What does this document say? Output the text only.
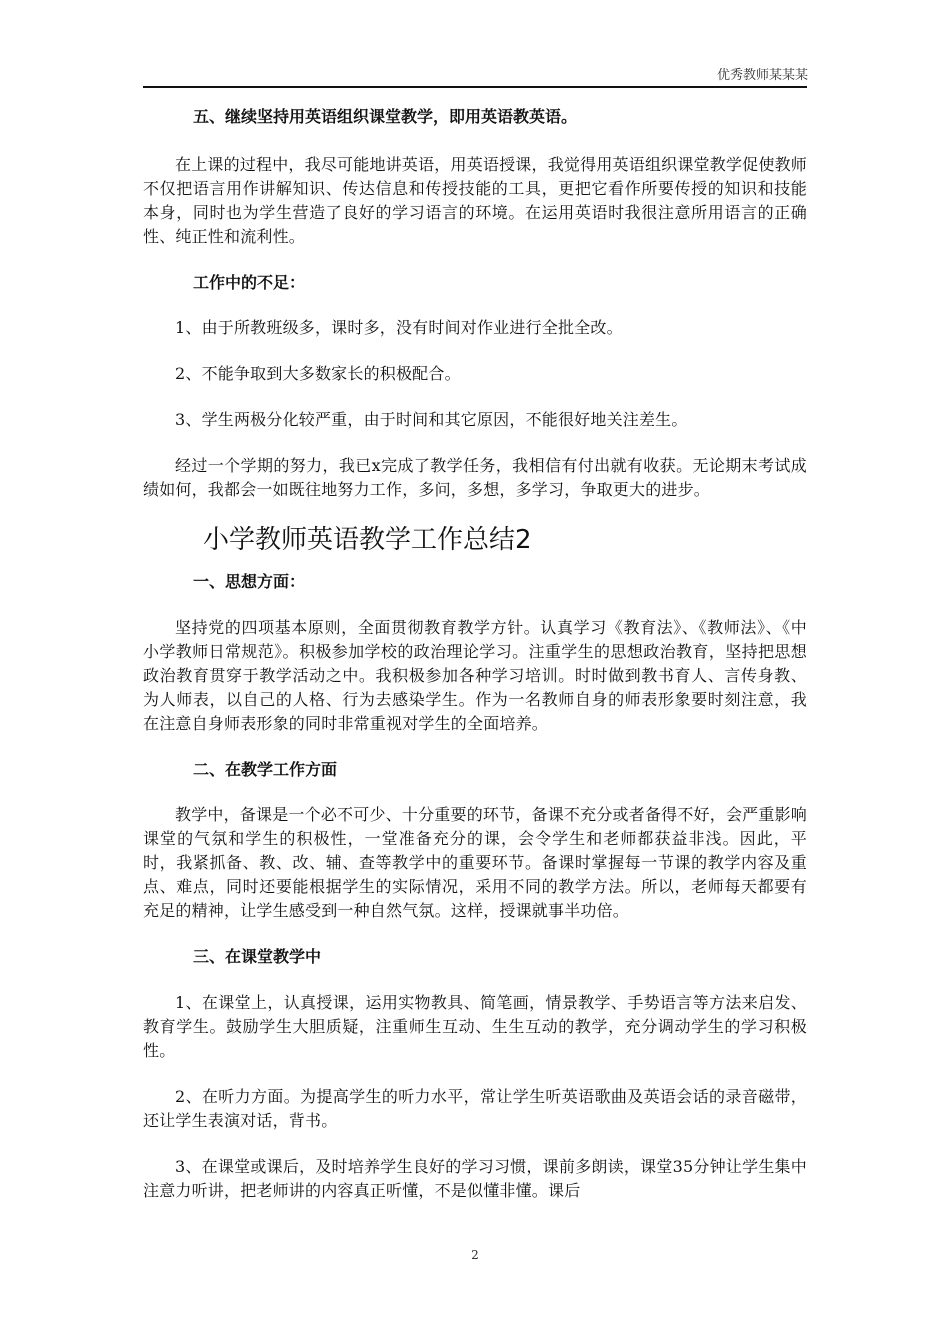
优秀教师某某某
五、继续坚持用英语组织课堂教学，即用英语教英语。
在上课的过程中，我尽可能地讲英语，用英语授课，我觉得用英语组织课堂教学促使教师不仅把语言用作讲解知识、传达信息和传授技能的工具，更把它看作所要传授的知识和技能本身，同时也为学生营造了良好的学习语言的环境。在运用英语时我很注意所用语言的正确性、纯正性和流利性。
工作中的不足：
1、由于所教班级多，课时多，没有时间对作业进行全批全改。
2、不能争取到大多数家长的积极配合。
3、学生两极分化较严重，由于时间和其它原因，不能很好地关注差生。
经过一个学期的努力，我已x完成了教学任务，我相信有付出就有收获。无论期末考试成绩如何，我都会一如既往地努力工作，多问，多想，多学习，争取更大的进步。
小学教师英语教学工作总结2
一、思想方面：
坚持党的四项基本原则，全面贯彻教育教学方针。认真学习《教育法》、《教师法》、《中小学教师日常规范》。积极参加学校的政治理论学习。注重学生的思想政治教育，坚持把思想政治教育贯穿于教学活动之中。我积极参加各种学习培训。时时做到教书育人、言传身教、为人师表，以自己的人格、行为去感染学生。作为一名教师自身的师表形象要时刻注意，我在注意自身师表形象的同时非常重视对学生的全面培养。
二、在教学工作方面
教学中，备课是一个必不可少、十分重要的环节，备课不充分或者备得不好，会严重影响课堂的气氛和学生的积极性，一堂准备充分的课，会令学生和老师都获益非浅。因此，平时，我紧抓备、教、改、辅、查等教学中的重要环节。备课时掌握每一节课的教学内容及重点、难点，同时还要能根据学生的实际情况，采用不同的教学方法。所以，老师每天都要有充足的精神，让学生感受到一种自然气氛。这样，授课就事半功倍。
三、在课堂教学中
1、在课堂上，认真授课，运用实物教具、简笔画，情景教学、手势语言等方法来启发、教育学生。鼓励学生大胆质疑，注重师生互动、生生互动的教学，充分调动学生的学习积极性。
2、在听力方面。为提高学生的听力水平，常让学生听英语歌曲及英语会话的录音磁带，还让学生表演对话，背书。
3、在课堂或课后，及时培养学生良好的学习习惯，课前多朗读，课堂35分钟让学生集中注意力听讲，把老师讲的内容真正听懂，不是似懂非懂。课后
2
